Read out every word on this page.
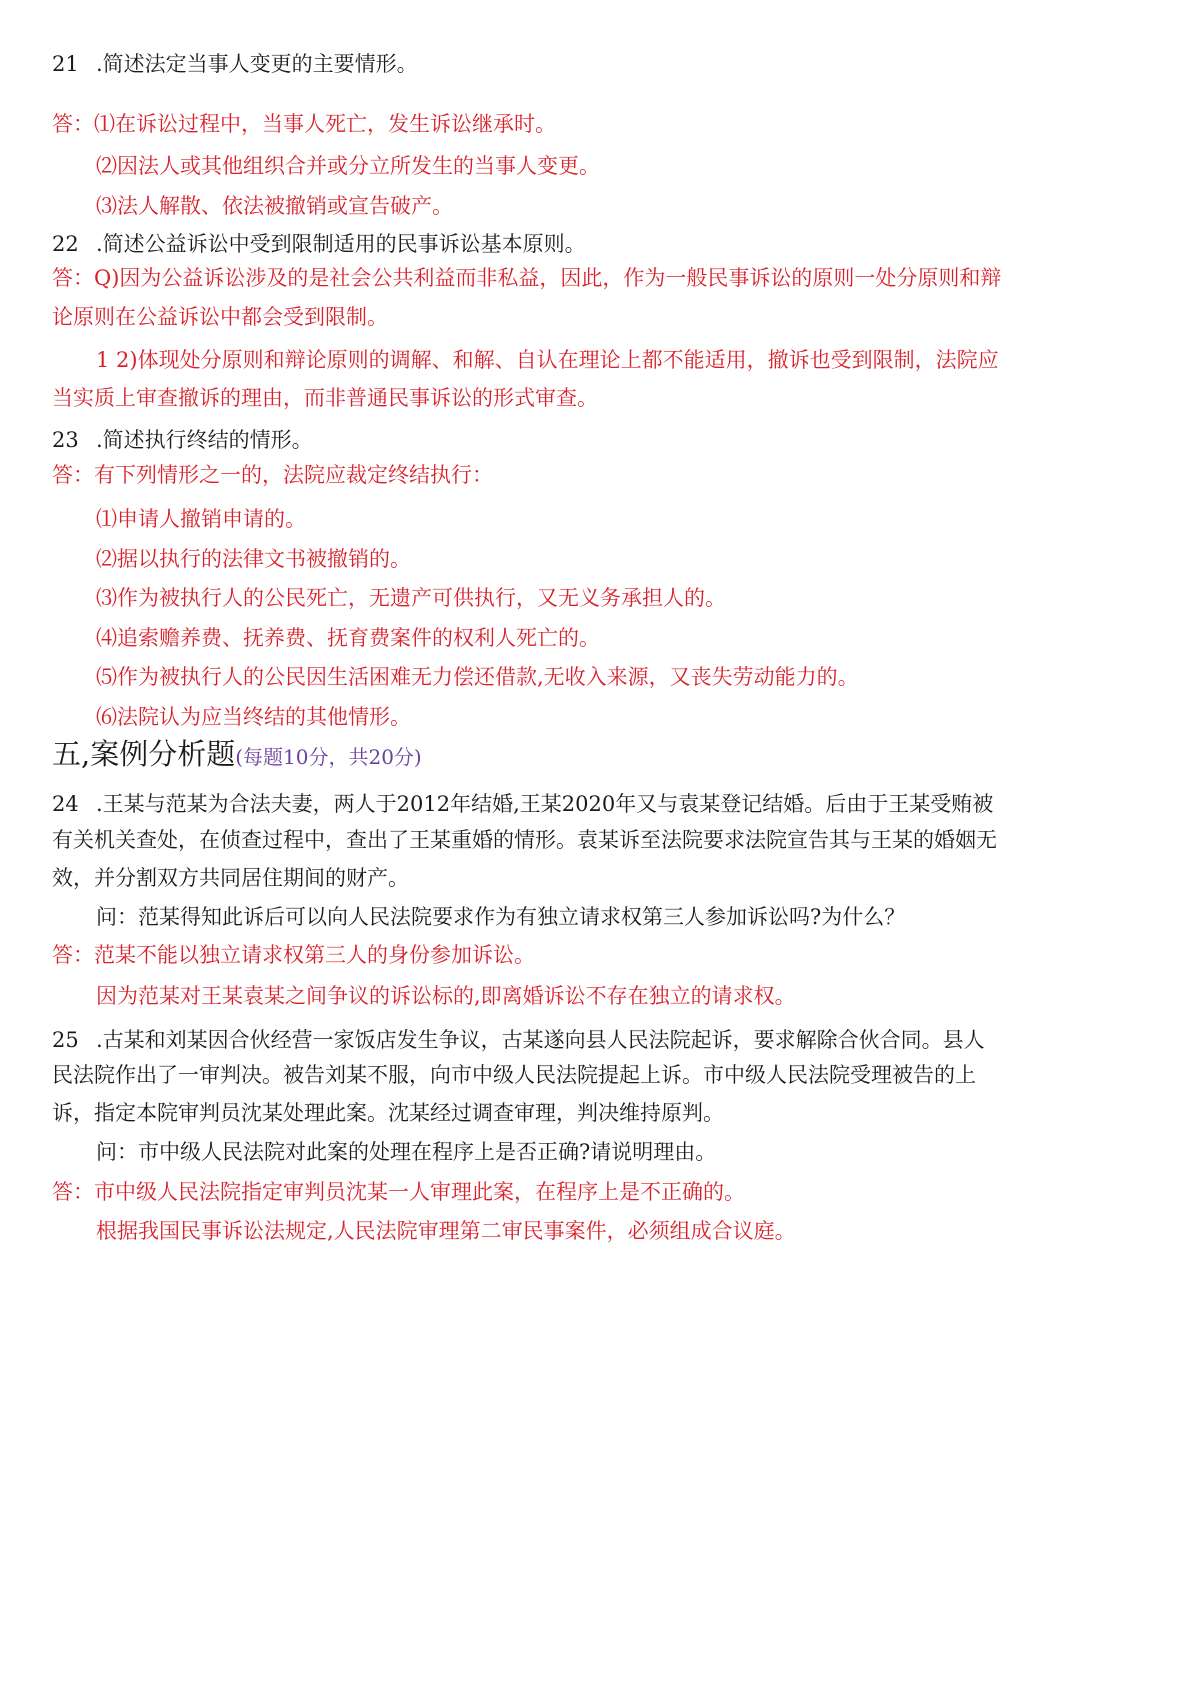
21 .简述法定当事人变更的主要情形。
答：⑴在诉讼过程中，当事人死亡，发生诉讼继承时。
⑵因法人或其他组织合并或分立所发生的当事人变更。
⑶法人解散、依法被撤销或宣告破产。
22 .简述公益诉讼中受到限制适用的民事诉讼基本原则。
答：Q)因为公益诉讼涉及的是社会公共利益而非私益，因此，作为一般民事诉讼的原则一处分原则和辩
论原则在公益诉讼中都会受到限制。
1 2)体现处分原则和辩论原则的调解、和解、自认在理论上都不能适用，撤诉也受到限制，法院应
当实质上审查撤诉的理由，而非普通民事诉讼的形式审查。
23 .简述执行终结的情形。
答：有下列情形之一的，法院应裁定终结执行：
⑴申请人撤销申请的。
⑵据以执行的法律文书被撤销的。
⑶作为被执行人的公民死亡，无遗产可供执行，又无义务承担人的。
⑷追索赡养费、抚养费、抚育费案件的权利人死亡的。
⑸作为被执行人的公民因生活困难无力偿还借款,无收入来源，又丧失劳动能力的。
⑹法院认为应当终结的其他情形。
五,案例分析题(每题10分，共20分)
24 .王某与范某为合法夫妻，两人于2012年结婚,王某2020年又与袁某登记结婚。后由于王某受贿被
有关机关查处，在侦查过程中，查出了王某重婚的情形。袁某诉至法院要求法院宣告其与王某的婚姻无
效，并分割双方共同居住期间的财产。
问：范某得知此诉后可以向人民法院要求作为有独立请求权第三人参加诉讼吗?为什么？
答：范某不能以独立请求权第三人的身份参加诉讼。
因为范某对王某袁某之间争议的诉讼标的,即离婚诉讼不存在独立的请求权。
25 .古某和刘某因合伙经营一家饭店发生争议，古某遂向县人民法院起诉，要求解除合伙合同。县人
民法院作出了一审判决。被告刘某不服，向市中级人民法院提起上诉。市中级人民法院受理被告的上
诉，指定本院审判员沈某处理此案。沈某经过调查审理，判决维持原判。
问：市中级人民法院对此案的处理在程序上是否正确?请说明理由。
答：市中级人民法院指定审判员沈某一人审理此案，在程序上是不正确的。
根据我国民事诉讼法规定,人民法院审理第二审民事案件，必须组成合议庭。
